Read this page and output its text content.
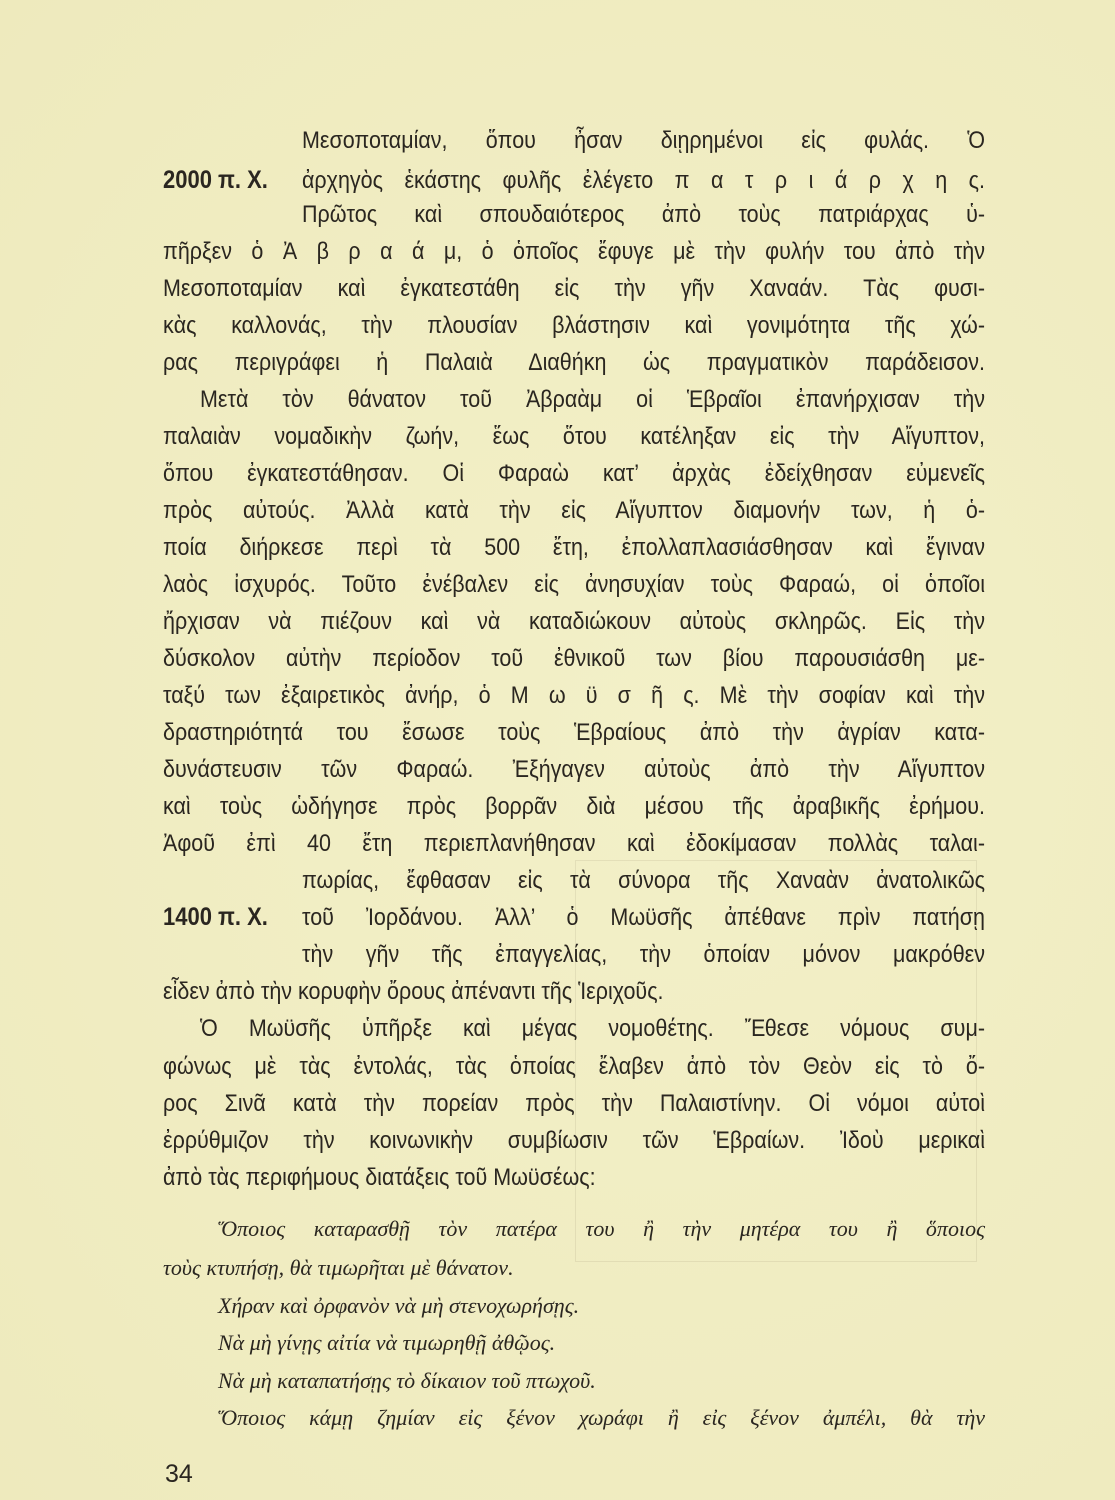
Μεσοποταμίαν, ὅπου ἦσαν διῃρημένοι εἰς φυλάς. Ὁ
ἀρχηγὸς ἑκάστης φυλῆς ἐλέγετο π α τ ρ ι ά ρ χ η ς.
Πρῶτος καὶ σπουδαιότερος ἀπὸ τοὺς πατριάρχας ὑ-
πῆρξεν ὁ Ἀ β ρ α ά μ, ὁ ὁποῖος ἔφυγε μὲ τὴν φυλήν του ἀπὸ τὴν
Μεσοποταμίαν καὶ ἐγκατεστάθη εἰς τὴν γῆν Χαναάν. Τὰς φυσι-
κὰς καλλονάς, τὴν πλουσίαν βλάστησιν καὶ γονιμότητα τῆς χώ-
ρας περιγράφει ἡ Παλαιὰ Διαθήκη ὡς πραγματικὸν παράδεισον.
Μετὰ τὸν θάνατον τοῦ Ἀβραὰμ οἱ Ἑβραῖοι ἐπανήρχισαν τὴν
παλαιὰν νομαδικὴν ζωήν, ἕως ὅτου κατέληξαν εἰς τὴν Αἴγυπτον,
ὅπου ἐγκατεστάθησαν. Οἱ Φαραὼ κατ’ ἀρχὰς ἐδείχθησαν εὐμενεῖς
πρὸς αὐτούς. Ἀλλὰ κατὰ τὴν εἰς Αἴγυπτον διαμονήν των, ἡ ὁ-
ποία διήρκεσε περὶ τὰ 500 ἔτη, ἐπολλαπλασιάσθησαν καὶ ἔγιναν
λαὸς ἰσχυρός. Τοῦτο ἐνέβαλεν εἰς ἀνησυχίαν τοὺς Φαραώ, οἱ ὁποῖοι
ἤρχισαν νὰ πιέζουν καὶ νὰ καταδιώκουν αὐτοὺς σκληρῶς. Εἰς τὴν
δύσκολον αὐτὴν περίοδον τοῦ ἐθνικοῦ των βίου παρουσιάσθη με-
ταξύ των ἐξαιρετικὸς ἀνήρ, ὁ Μ ω ϋ σ ῆ ς. Μὲ τὴν σοφίαν καὶ τὴν
δραστηριότητά του ἔσωσε τοὺς Ἑβραίους ἀπὸ τὴν ἀγρίαν κατα-
δυνάστευσιν τῶν Φαραώ. Ἐξήγαγεν αὐτοὺς ἀπὸ τὴν Αἴγυπτον
καὶ τοὺς ὡδήγησε πρὸς βορρᾶν διὰ μέσου τῆς ἀραβικῆς ἐρήμου.
Ἀφοῦ ἐπὶ 40 ἔτη περιεπλανήθησαν καὶ ἐδοκίμασαν πολλὰς ταλαι-
πωρίας, ἔφθασαν εἰς τὰ σύνορα τῆς Χαναὰν ἀνατολικῶς
τοῦ Ἰορδάνου. Ἀλλ’ ὁ Μωϋσῆς ἀπέθανε πρὶν πατήσῃ
τὴν γῆν τῆς ἐπαγγελίας, τὴν ὁποίαν μόνον μακρόθεν
εἶδεν ἀπὸ τὴν κορυφὴν ὄρους ἀπέναντι τῆς Ἱεριχοῦς.
Ὁ Μωϋσῆς ὑπῆρξε καὶ μέγας νομοθέτης. Ἔθεσε νόμους συμ-
φώνως μὲ τὰς ἐντολάς, τὰς ὁποίας ἔλαβεν ἀπὸ τὸν Θεὸν εἰς τὸ ὄ-
ρος Σινᾶ κατὰ τὴν πορείαν πρὸς τὴν Παλαιστίνην. Οἱ νόμοι αὐτοὶ
ἐρρύθμιζον τὴν κοινωνικὴν συμβίωσιν τῶν Ἑβραίων. Ἰδοὺ μερικαὶ
ἀπὸ τὰς περιφήμους διατάξεις τοῦ Μωϋσέως:
Ὅποιος καταρασθῇ τὸν πατέρα του ἢ τὴν μητέρα του ἢ ὅποιος
τοὺς κτυπήσῃ, θὰ τιμωρῆται μὲ θάνατον.
Χήραν καὶ ὀρφανὸν νὰ μὴ στενοχωρήσῃς.
Νὰ μὴ γίνῃς αἰτία νὰ τιμωρηθῇ ἀθῷος.
Νὰ μὴ καταπατήσῃς τὸ δίκαιον τοῦ πτωχοῦ.
Ὅποιος κάμῃ ζημίαν εἰς ξένον χωράφι ἢ εἰς ξένον ἀμπέλι, θὰ τὴν
2000 π. Χ.
1400 π. Χ.
34
